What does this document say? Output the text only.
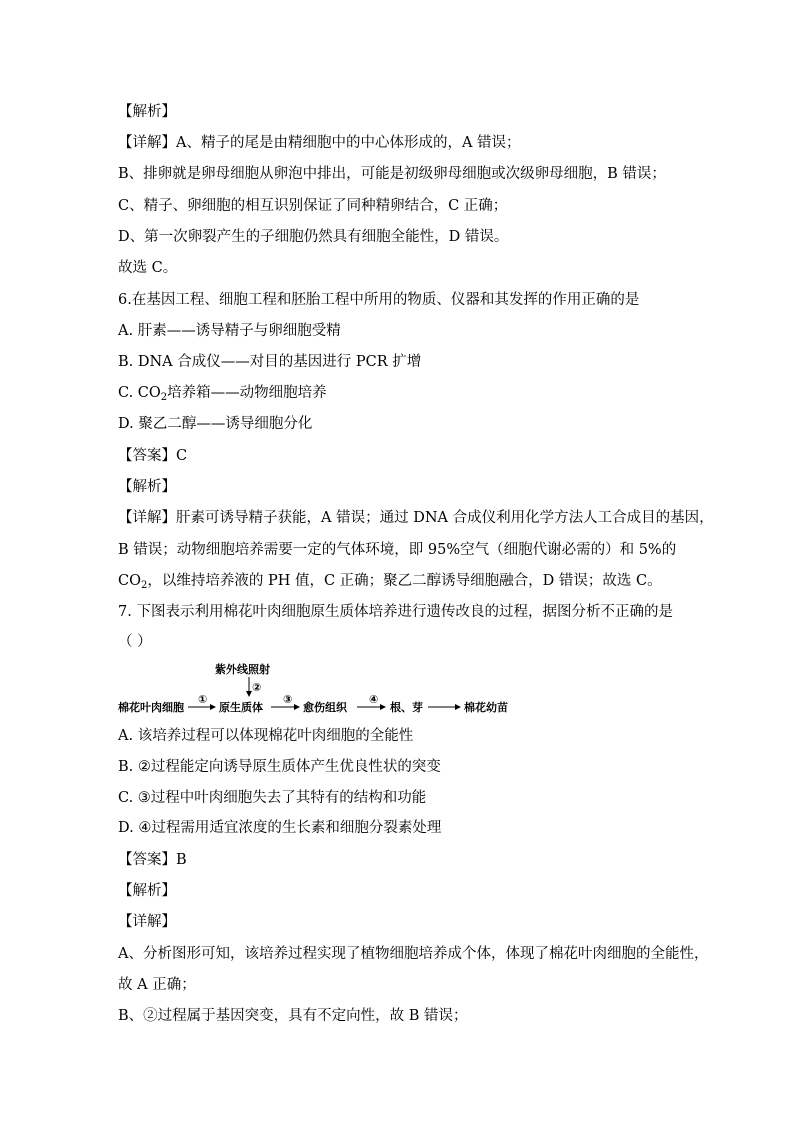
【解析】
【详解】A、精子的尾是由精细胞中的中心体形成的，A 错误；
B、排卵就是卵母细胞从卵泡中排出，可能是初级卵母细胞或次级卵母细胞，B 错误；
C、精子、卵细胞的相互识别保证了同种精卵结合，C 正确；
D、第一次卵裂产生的子细胞仍然具有细胞全能性，D 错误。
故选 C。
6.在基因工程、细胞工程和胚胎工程中所用的物质、仪器和其发挥的作用正确的是
A. 肝素——诱导精子与卵细胞受精
B. DNA 合成仪——对目的基因进行 PCR 扩增
C. $CO_2$培养箱——动物细胞培养
D. 聚乙二醇——诱导细胞分化
【答案】C
【解析】
【详解】肝素可诱导精子获能，A 错误；通过 DNA 合成仪利用化学方法人工合成目的基因，
B 错误；动物细胞培养需要一定的气体环境，即 95%空气（细胞代谢必需的）和 5%的
$CO_2$，以维持培养液的 PH 值，C 正确；聚乙二醇诱导细胞融合，D 错误；故选 C。
7. 下图表示利用棉花叶肉细胞原生质体培养进行遗传改良的过程，据图分析不正确的是
（ ）
紫外线照射
②
棉花叶肉细胞
①
原生质体
③
愈伤组织
④
根、芽	棉花幼苗
A. 该培养过程可以体现棉花叶肉细胞的全能性
B. ②过程能定向诱导原生质体产生优良性状的突变
C. ③过程中叶肉细胞失去了其特有的结构和功能
D. ④过程需用适宜浓度的生长素和细胞分裂素处理
【答案】B
【解析】
【详解】
A、分析图形可知，该培养过程实现了植物细胞培养成个体，体现了棉花叶肉细胞的全能性，
故 A 正确；
B、②过程属于基因突变，具有不定向性，故 B 错误；
